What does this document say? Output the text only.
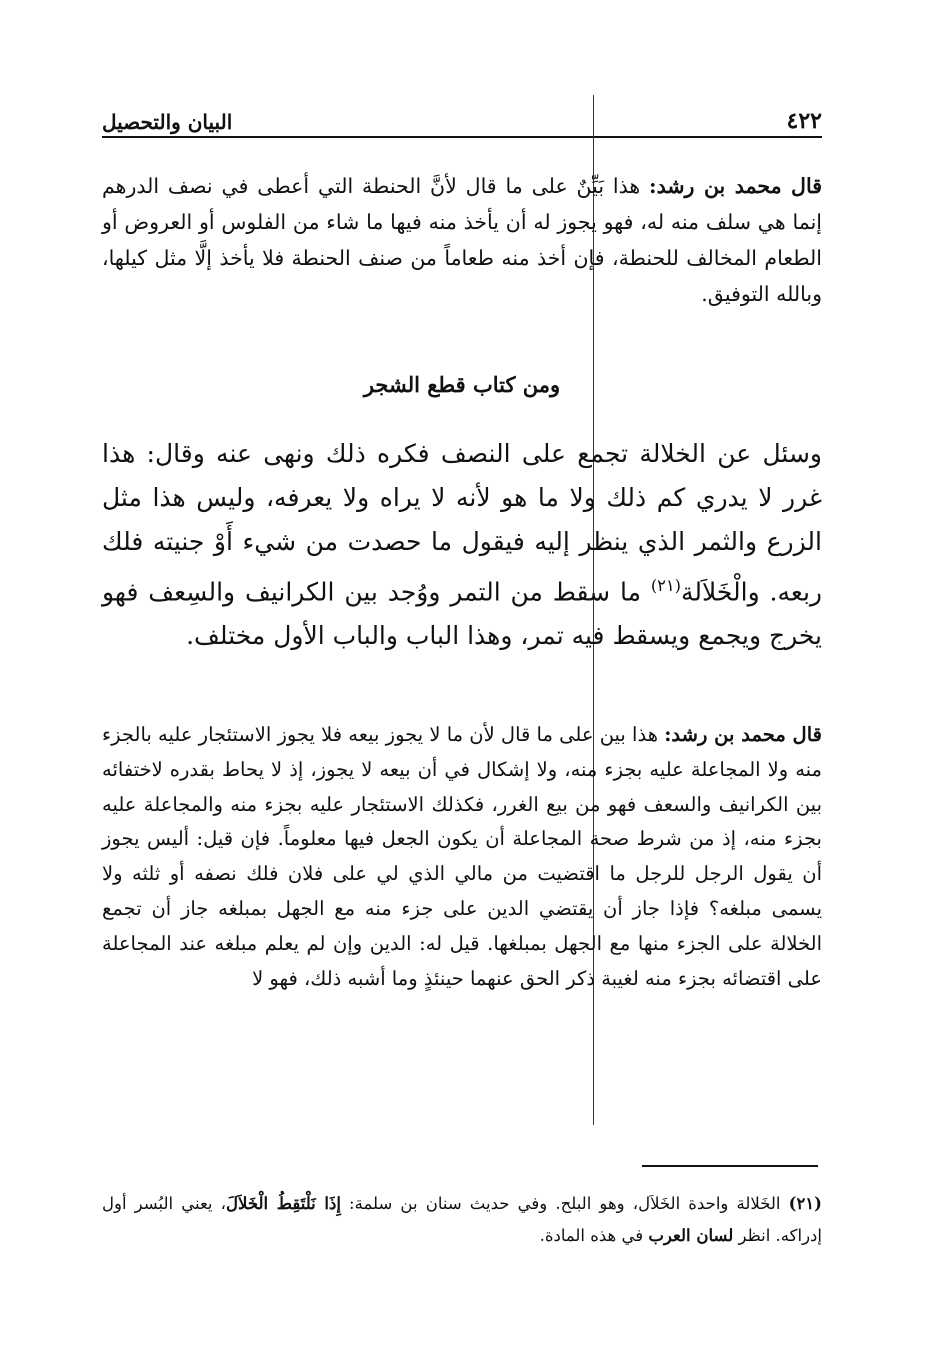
٤٢٢
البيان والتحصيل

قال محمد بن رشد: هذا بَيِّنٌ على ما قال لأنَّ الحنطة التي أعطى في نصف الدرهم إنما هي سلف منه له، فهو يجوز له أن يأخذ منه فيها ما شاء من الفلوس أو العروض أو الطعام المخالف للحنطة، فإن أخذ منه طعاماً من صنف الحنطة فلا يأخذ إلَّا مثل كيلها، وبالله التوفيق.

ومن كتاب قطع الشجر

وسئل عن الخلالة تجمع على النصف فكره ذلك ونهى عنه وقال: هذا غرر لا يدري كم ذلك ولا ما هو لأنه لا يراه ولا يعرفه، وليس هذا مثل الزرع والثمر الذي ينظر إليه فيقول ما حصدت من شيء أَوْ جنيته فلك ربعه. والْخَلاَلة$^{(٢١)}$ ما سقط من التمر ووُجد بين الكرانيف والسِعف فهو يخرج ويجمع ويسقط فيه تمر، وهذا الباب والباب الأول مختلف.

قال محمد بن رشد: هذا بين على ما قال لأن ما لا يجوز بيعه فلا يجوز الاستئجار عليه بالجزء منه ولا المجاعلة عليه بجزء منه، ولا إشكال في أن بيعه لا يجوز، إذ لا يحاط بقدره لاختفائه بين الكرانيف والسعف فهو من بيع الغرر، فكذلك الاستئجار عليه بجزء منه والمجاعلة عليه بجزء منه، إذ من شرط صحة المجاعلة أن يكون الجعل فيها معلوماً. فإن قيل: أليس يجوز أن يقول الرجل للرجل ما اقتضيت من مالي الذي لي على فلان فلك نصفه أو ثلثه ولا يسمى مبلغه؟ فإذا جاز أن يقتضي الدين على جزء منه مع الجهل بمبلغه جاز أن تجمع الخلالة على الجزء منها مع الجهل بمبلغها. قيل له: الدين وإن لم يعلم مبلغه عند المجاعلة على اقتضائه بجزء منه لغيبة ذكر الحق عنهما حينئذٍ وما أشبه ذلك، فهو لا

(٢١) الخَلالة واحدة الخَلاَل، وهو البلح. وفي حديث سنان بن سلمة: إِذَا نَلْتَقِطُ الْخَلاَلَ، يعني البُسر أول إدراكه. انظر لسان العرب في هذه المادة.
